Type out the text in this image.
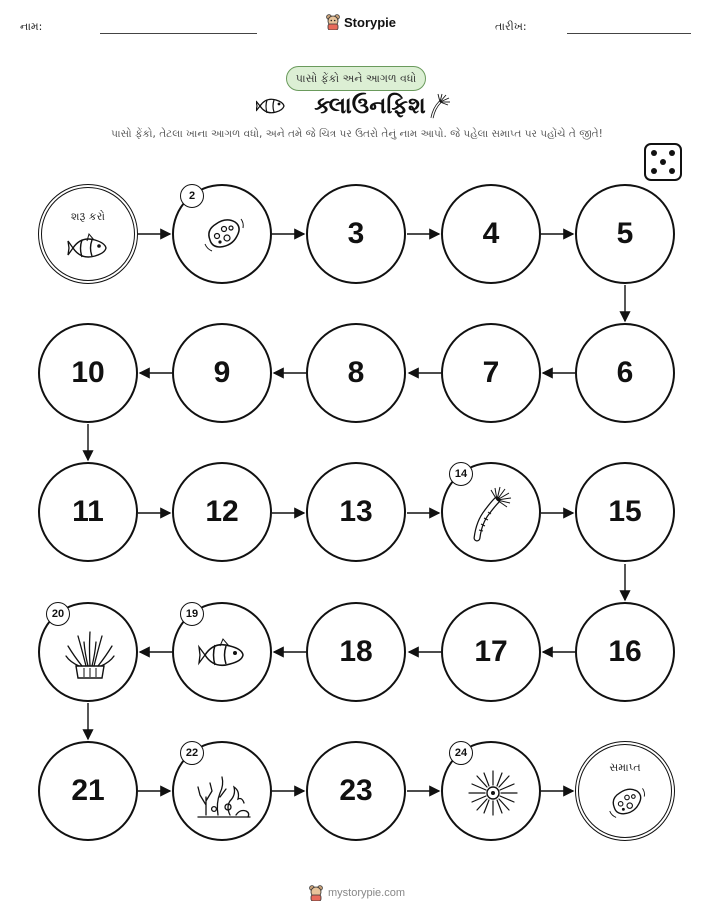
નામ:	Storypie	તારીખ:
પાસો ફેંકો અને આગળ વધો
ક્લાઉનફિશ
પાસો ફેંકો, તેટલા ખાના આગળ વધો, અને તમે જે ચિત્ર પર ઉતરો તેનું નામ આપો. જે પહેલા સમાપ્ત પર પહોંચે તે જીતે!
શરૂ કરો
2
3	4	5
10	9	8	7	6
11	12	13
14
15
20	19
18	17	16
21
22
23
24
સમાપ્ત
mystorypie.com
